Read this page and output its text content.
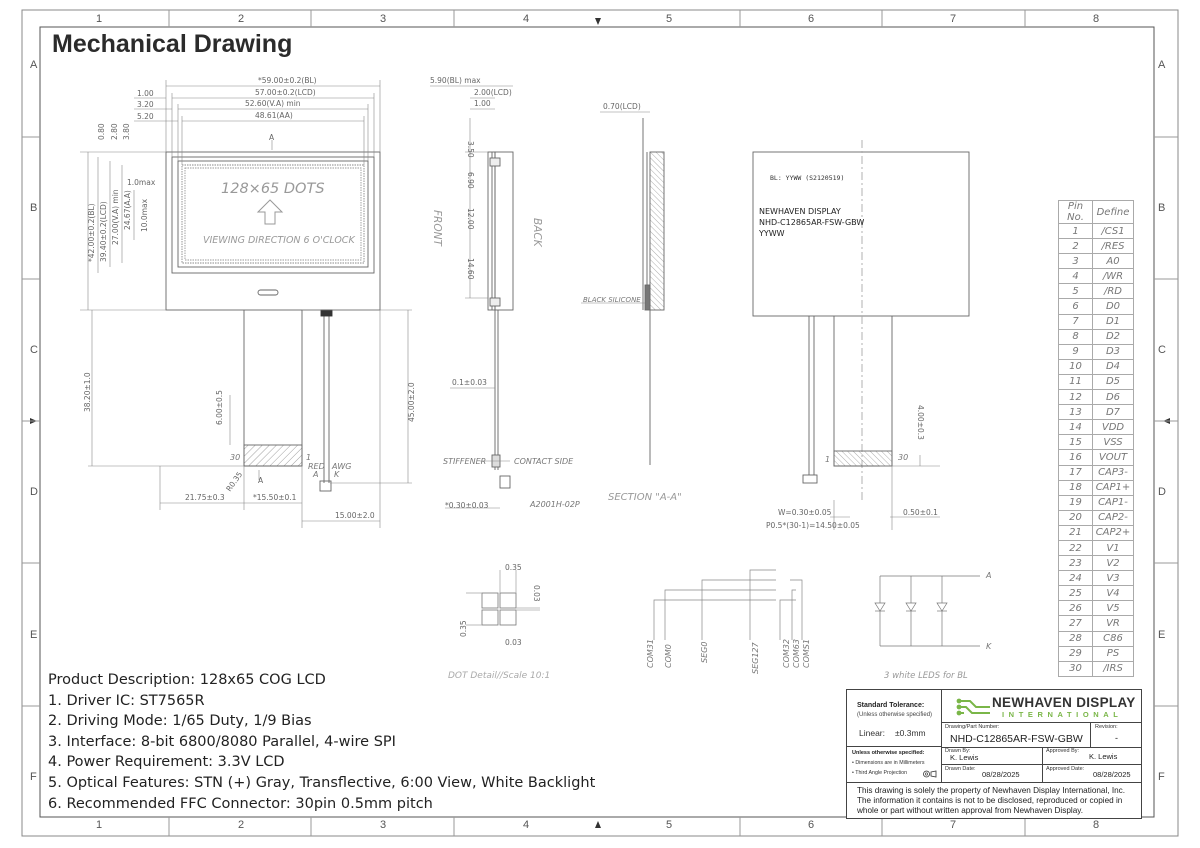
1	2	3	4	5	6	7	8
1	2	3	4	5	6	7	8
A
B
C
D
E
F
A
B
C
D
E
F
*59.00±0.2(BL)
57.00±0.2(LCD)
52.60(V.A) min
48.61(AA)
1.00
3.20
5.20
0.80 2.80 3.80
*42.00±0.2(BL) 39.40±0.2(LCD) 27.00(V.A) min 24.67(A.A) 10.0max
1.0max
38.20±1.0	45.00±2.0
6.00±0.5
21.75±0.3	*15.50±0.1
15.00±2.0
R0.35
A
A
128×65 DOTS
VIEWING DIRECTION 6 O'CLOCK
30	1
RED
A
AWG
K
5.90(BL) max
2.00(LCD)
1.00
3.50
6.90
12.00
14.60
0.1±0.03
*0.30±0.03
FRONT	BACK
STIFFENER	CONTACT SIDE
A2001H-02P
0.70(LCD)
BLACK SILICONE
SECTION "A-A"
BL: YYWW (S2120519)
NEWHAVEN DISPLAY
NHD-C12865AR-FSW-GBW
YYWW
4.00±0.3
W=0.30±0.05
P0.5*(30-1)=14.50±0.05
0.50±0.1
1	30
0.35
0.03
0.35
0.03
DOT Detail//Scale 10:1
COM31 COM0	SEG0	SEG127	COM32 COM63 COMS1
A
K
3 white LEDS for BL
Mechanical Drawing
Pin No.	Define
1	/CS1
2	/RES
3	A0
4	/WR
5	/RD
6	D0
7	D1
8	D2
9	D3
10	D4
11	D5
12	D6
13	D7
14	VDD
15	VSS
16	VOUT
17	CAP3-
18	CAP1+
19	CAP1-
20	CAP2-
21	CAP2+
22	V1
23	V2
24	V3
25	V4
26	V5
27	VR
28	C86
29	PS
30	/IRS
Product Description: 128x65 COG LCD
1. Driver IC: ST7565R
2. Driving Mode: 1/65 Duty, 1/9 Bias
3. Interface: 8-bit 6800/8080 Parallel, 4-wire SPI
4. Power Requirement: 3.3V LCD
5. Optical Features: STN (+) Gray, Transflective, 6:00 View, White Backlight
6. Recommended FFC Connector: 30pin 0.5mm pitch
Standard Tolerance:
(Unless otherwise specified)
Linear: ±0.3mm
NEWHAVEN DISPLAY
INTERNATIONAL
Drawing/Part Number:
NHD-C12865AR-FSW-GBW
Revision:
-
Unless otherwise specified:
• Dimensions are in Millimeters
• Third Angle Projection
Drawn By:
K. Lewis
Approved By:
K. Lewis
Drawn Date:
08/28/2025
Approved Date:
08/28/2025
This drawing is solely the property of Newhaven Display International, Inc. The information it contains is not to be disclosed, reproduced or copied in whole or part without written approval from Newhaven Display.
